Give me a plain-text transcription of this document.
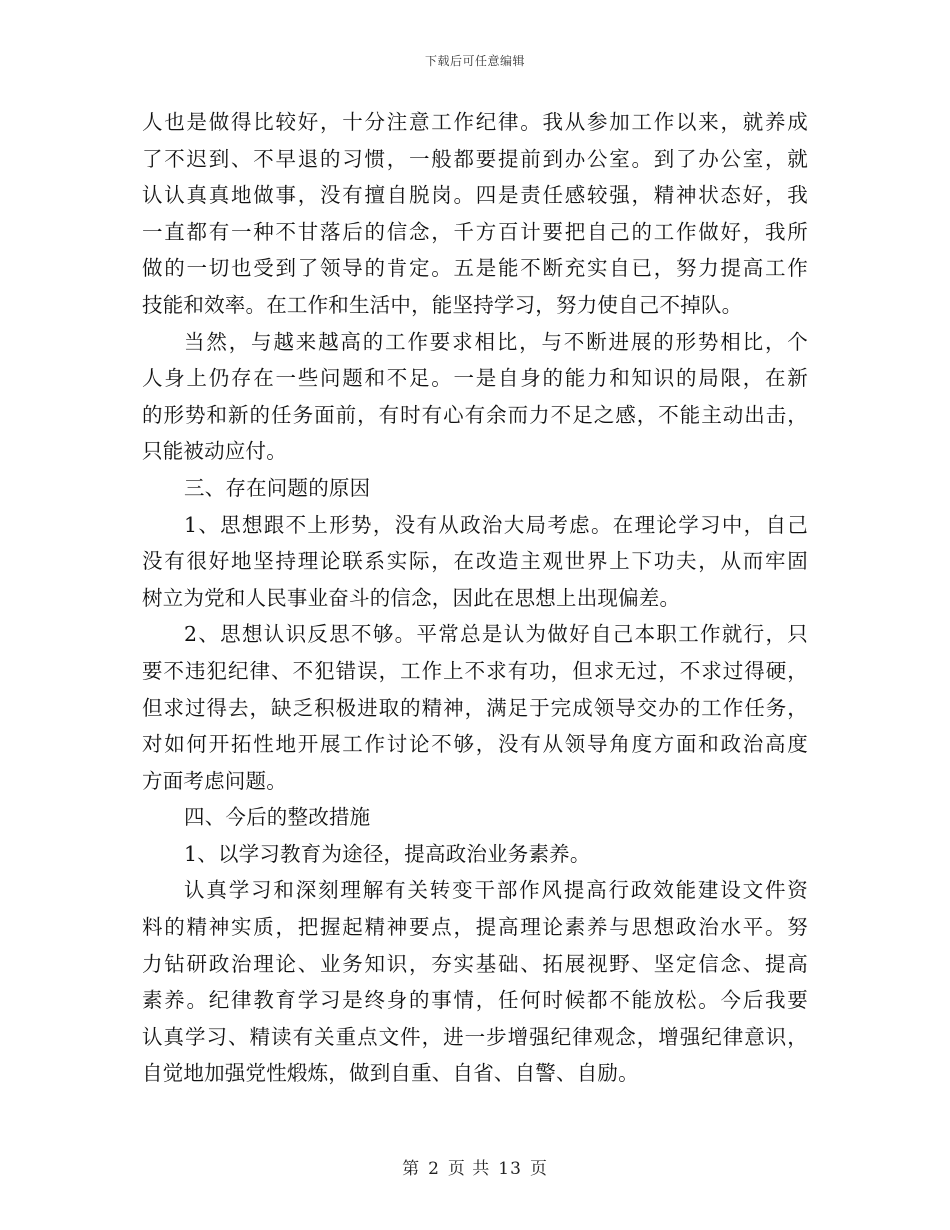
下载后可任意编辑
人也是做得比较好，十分注意工作纪律。我从参加工作以来，就养成
了不迟到、不早退的习惯，一般都要提前到办公室。到了办公室，就
认认真真地做事，没有擅自脱岗。四是责任感较强，精神状态好，我
一直都有一种不甘落后的信念，千方百计要把自己的工作做好，我所
做的一切也受到了领导的肯定。五是能不断充实自已，努力提高工作
技能和效率。在工作和生活中，能坚持学习，努力使自己不掉队。
当然，与越来越高的工作要求相比，与不断进展的形势相比，个
人身上仍存在一些问题和不足。一是自身的能力和知识的局限，在新
的形势和新的任务面前，有时有心有余而力不足之感，不能主动出击，
只能被动应付。
三、存在问题的原因
1、思想跟不上形势，没有从政治大局考虑。在理论学习中，自己
没有很好地坚持理论联系实际，在改造主观世界上下功夫，从而牢固
树立为党和人民事业奋斗的信念，因此在思想上出现偏差。
2、思想认识反思不够。平常总是认为做好自己本职工作就行，只
要不违犯纪律、不犯错误，工作上不求有功，但求无过，不求过得硬，
但求过得去，缺乏积极进取的精神，满足于完成领导交办的工作任务，
对如何开拓性地开展工作讨论不够，没有从领导角度方面和政治高度
方面考虑问题。
四、今后的整改措施
1、以学习教育为途径，提高政治业务素养。
认真学习和深刻理解有关转变干部作风提高行政效能建设文件资
料的精神实质，把握起精神要点，提高理论素养与思想政治水平。努
力钻研政治理论、业务知识，夯实基础、拓展视野、坚定信念、提高
素养。纪律教育学习是终身的事情，任何时候都不能放松。今后我要
认真学习、精读有关重点文件，进一步增强纪律观念，增强纪律意识，
自觉地加强党性煅炼，做到自重、自省、自警、自励。
第 2 页 共 13 页
